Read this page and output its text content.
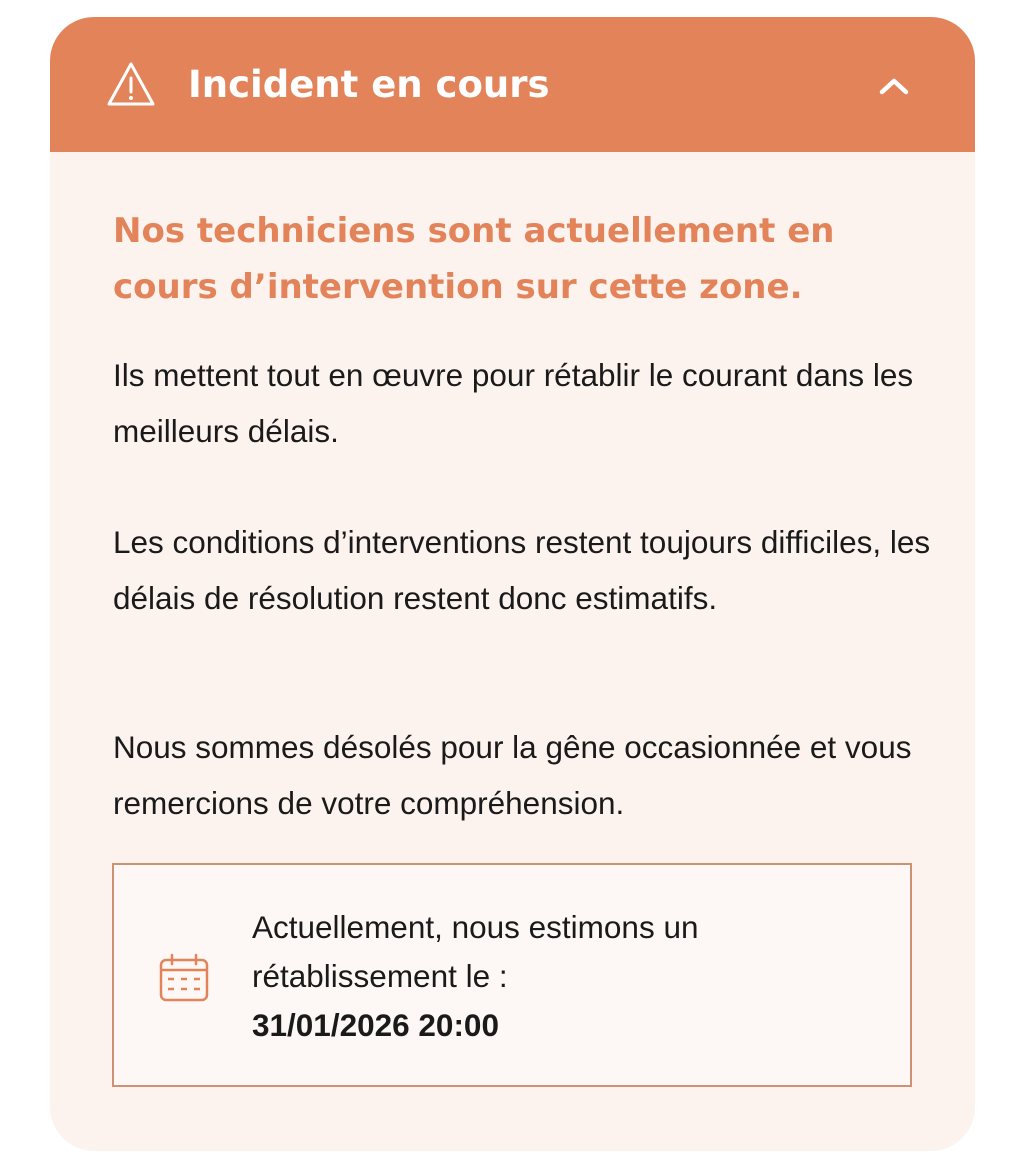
Incident en cours

Nos techniciens sont actuellement en cours d’intervention sur cette zone.

Ils mettent tout en œuvre pour rétablir le courant dans les meilleurs délais.

Les conditions d’interventions restent toujours difficiles, les délais de résolution restent donc estimatifs.

Nous sommes désolés pour la gêne occasionnée et vous remercions de votre compréhension.

Actuellement, nous estimons un rétablissement le :
31/01/2026 20:00
